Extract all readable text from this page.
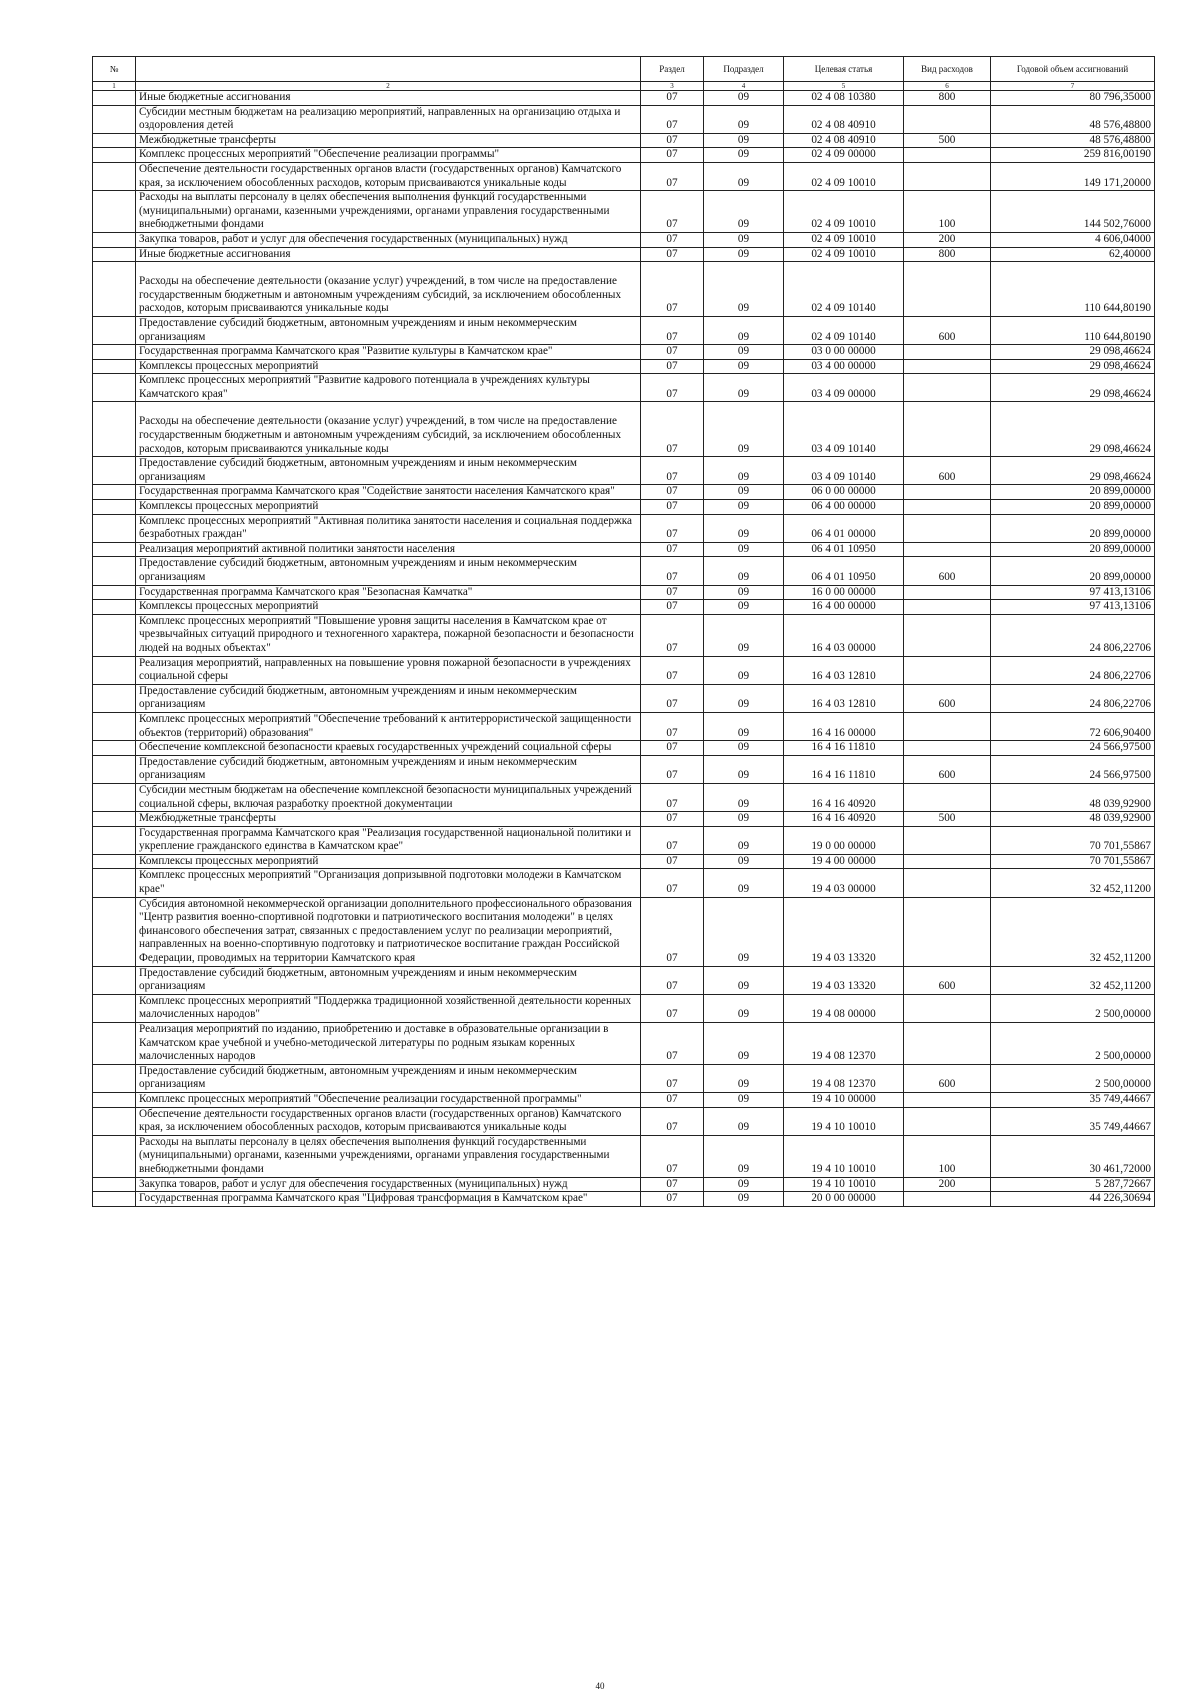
№		Раздел	Подраздел	Целевая статья	Вид расходов	Годовой объем ассигнований
1	2	3	4	5	6	7
	Иные бюджетные ассигнования	07	09	02 4 08 10380	800	80 796,35000
	Субсидии местным бюджетам на реализацию мероприятий, направленных на организацию отдыха и оздоровления детей	07	09	02 4 08 40910		48 576,48800
	Межбюджетные трансферты	07	09	02 4 08 40910	500	48 576,48800
	Комплекс процессных мероприятий "Обеспечение реализации программы"	07	09	02 4 09 00000		259 816,00190
	Обеспечение деятельности государственных органов власти (государственных органов) Камчатского края, за исключением обособленных расходов, которым присваиваются уникальные коды	07	09	02 4 09 10010		149 171,20000
	Расходы на выплаты персоналу в целях обеспечения выполнения функций государственными (муниципальными) органами, казенными учреждениями, органами управления государственными внебюджетными фондами	07	09	02 4 09 10010	100	144 502,76000
	Закупка товаров, работ и услуг для обеспечения государственных (муниципальных) нужд	07	09	02 4 09 10010	200	4 606,04000
	Иные бюджетные ассигнования	07	09	02 4 09 10010	800	62,40000
	Расходы на обеспечение деятельности (оказание услуг) учреждений, в том числе на предоставление государственным бюджетным и автономным учреждениям субсидий, за исключением обособленных расходов, которым присваиваются уникальные коды	07	09	02 4 09 10140		110 644,80190
	Предоставление субсидий бюджетным, автономным учреждениям и иным некоммерческим организациям	07	09	02 4 09 10140	600	110 644,80190
	Государственная программа Камчатского края "Развитие культуры в Камчатском крае"	07	09	03 0 00 00000		29 098,46624
	Комплексы процессных мероприятий	07	09	03 4 00 00000		29 098,46624
	Комплекс процессных мероприятий "Развитие кадрового потенциала в учреждениях культуры Камчатского края"	07	09	03 4 09 00000		29 098,46624
	Расходы на обеспечение деятельности (оказание услуг) учреждений, в том числе на предоставление государственным бюджетным и автономным учреждениям субсидий, за исключением обособленных расходов, которым присваиваются уникальные коды	07	09	03 4 09 10140		29 098,46624
	Предоставление субсидий бюджетным, автономным учреждениям и иным некоммерческим организациям	07	09	03 4 09 10140	600	29 098,46624
	Государственная программа Камчатского края "Содействие занятости населения Камчатского края"	07	09	06 0 00 00000		20 899,00000
	Комплексы процессных мероприятий	07	09	06 4 00 00000		20 899,00000
	Комплекс процессных мероприятий "Активная политика занятости населения и социальная поддержка безработных граждан"	07	09	06 4 01 00000		20 899,00000
	Реализация мероприятий активной политики занятости населения	07	09	06 4 01 10950		20 899,00000
	Предоставление субсидий бюджетным, автономным учреждениям и иным некоммерческим организациям	07	09	06 4 01 10950	600	20 899,00000
	Государственная программа Камчатского края "Безопасная Камчатка"	07	09	16 0 00 00000		97 413,13106
	Комплексы процессных мероприятий	07	09	16 4 00 00000		97 413,13106
	Комплекс процессных мероприятий "Повышение уровня защиты населения в Камчатском крае от чрезвычайных ситуаций природного и техногенного характера, пожарной безопасности и безопасности людей на водных объектах"	07	09	16 4 03 00000		24 806,22706
	Реализация мероприятий, направленных на повышение уровня пожарной безопасности в учреждениях социальной сферы	07	09	16 4 03 12810		24 806,22706
	Предоставление субсидий бюджетным, автономным учреждениям и иным некоммерческим организациям	07	09	16 4 03 12810	600	24 806,22706
	Комплекс процессных мероприятий "Обеспечение требований к антитеррористической защищенности объектов (территорий) образования"	07	09	16 4 16 00000		72 606,90400
	Обеспечение комплексной безопасности краевых государственных учреждений социальной сферы	07	09	16 4 16 11810		24 566,97500
	Предоставление субсидий бюджетным, автономным учреждениям и иным некоммерческим организациям	07	09	16 4 16 11810	600	24 566,97500
	Субсидии местным бюджетам на обеспечение комплексной безопасности муниципальных учреждений социальной сферы, включая разработку проектной документации	07	09	16 4 16 40920		48 039,92900
	Межбюджетные трансферты	07	09	16 4 16 40920	500	48 039,92900
	Государственная программа Камчатского края "Реализация государственной национальной политики и укрепление гражданского единства в Камчатском крае"	07	09	19 0 00 00000		70 701,55867
	Комплексы процессных мероприятий	07	09	19 4 00 00000		70 701,55867
	Комплекс процессных мероприятий "Организация допризывной подготовки молодежи в Камчатском крае"	07	09	19 4 03 00000		32 452,11200
	Субсидия автономной некоммерческой организации дополнительного профессионального образования "Центр развития военно-спортивной подготовки и патриотического воспитания молодежи" в целях финансового обеспечения затрат, связанных с предоставлением услуг по реализации мероприятий, направленных на военно-спортивную подготовку и патриотическое воспитание граждан Российской Федерации, проводимых на территории Камчатского края	07	09	19 4 03 13320		32 452,11200
	Предоставление субсидий бюджетным, автономным учреждениям и иным некоммерческим организациям	07	09	19 4 03 13320	600	32 452,11200
	Комплекс процессных мероприятий "Поддержка традиционной хозяйственной деятельности коренных малочисленных народов"	07	09	19 4 08 00000		2 500,00000
	Реализация мероприятий по изданию, приобретению и доставке в образовательные организации в Камчатском крае учебной и учебно-методической литературы по родным языкам коренных малочисленных народов	07	09	19 4 08 12370		2 500,00000
	Предоставление субсидий бюджетным, автономным учреждениям и иным некоммерческим организациям	07	09	19 4 08 12370	600	2 500,00000
	Комплекс процессных мероприятий "Обеспечение реализации государственной программы"	07	09	19 4 10 00000		35 749,44667
	Обеспечение деятельности государственных органов власти (государственных органов) Камчатского края, за исключением обособленных расходов, которым присваиваются уникальные коды	07	09	19 4 10 10010		35 749,44667
	Расходы на выплаты персоналу в целях обеспечения выполнения функций государственными (муниципальными) органами, казенными учреждениями, органами управления государственными внебюджетными фондами	07	09	19 4 10 10010	100	30 461,72000
	Закупка товаров, работ и услуг для обеспечения государственных (муниципальных) нужд	07	09	19 4 10 10010	200	5 287,72667
	Государственная программа Камчатского края "Цифровая трансформация в Камчатском крае"	07	09	20 0 00 00000		44 226,30694
40
